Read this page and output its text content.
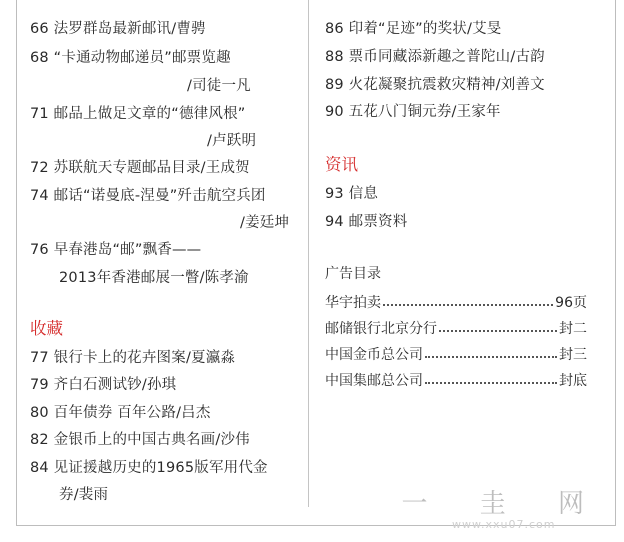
66 法罗群岛最新邮讯/曹骋
68 “卡通动物邮递员”邮票览趣
/司徒一凡
71 邮品上做足文章的“德律风根”
/卢跃明
72 苏联航天专题邮品目录/王成贺
74 邮话“诺曼底-涅曼”歼击航空兵团
/姜廷坤
76 早春港岛“邮”飘香——
2013年香港邮展一瞥/陈孝渝
收藏
77 银行卡上的花卉图案/夏瀛淼
79 齐白石测试钞/孙琪
80 百年债券 百年公路/吕杰
82 金银币上的中国古典名画/沙伟
84 见证援越历史的1965版军用代金
券/裴雨
86 印着“足迹”的奖状/艾旻
88 票币同藏添新趣之普陀山/古韵
89 火花凝聚抗震救灾精神/刘善文
90 五花八门铜元券/王家年
资讯
93 信息
94 邮票资料
广告目录
华宇拍卖	96页
邮储银行北京分行	封二
中国金币总公司	封三
中国集邮总公司	封底
一 圭 网
www.xxu07.com
